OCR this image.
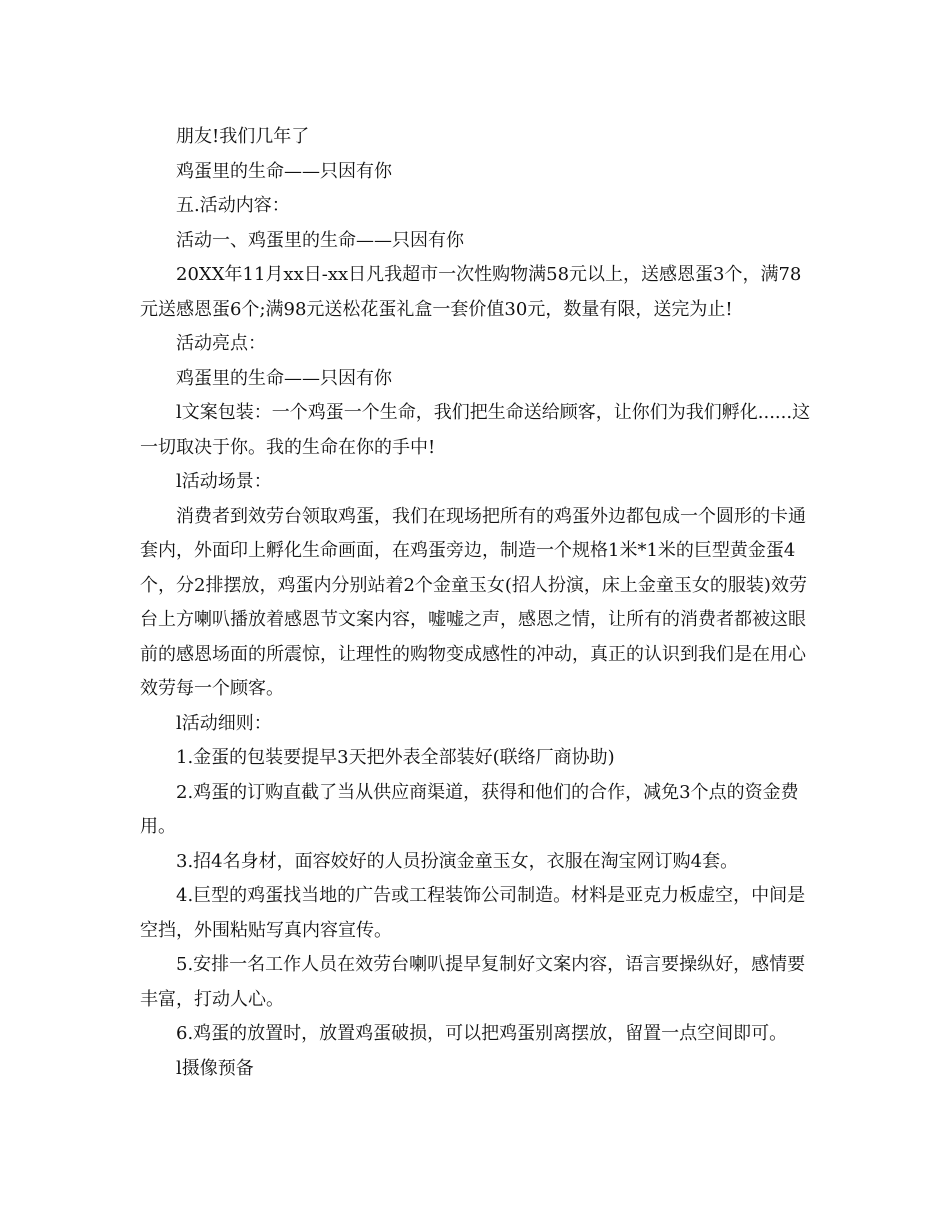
朋友!我们几年了

鸡蛋里的生命——只因有你

五.活动内容：

活动一、鸡蛋里的生命——只因有你

20XX年11月xx日-xx日凡我超市一次性购物满58元以上，送感恩蛋3个，满78元送感恩蛋6个;满98元送松花蛋礼盒一套价值30元，数量有限，送完为止!

活动亮点：

鸡蛋里的生命——只因有你

l文案包装：一个鸡蛋一个生命，我们把生命送给顾客，让你们为我们孵化......这一切取决于你。我的生命在你的手中!

l活动场景：

消费者到效劳台领取鸡蛋，我们在现场把所有的鸡蛋外边都包成一个圆形的卡通套内，外面印上孵化生命画面，在鸡蛋旁边，制造一个规格1米*1米的巨型黄金蛋4个，分2排摆放，鸡蛋内分别站着2个金童玉女(招人扮演，床上金童玉女的服装)效劳台上方喇叭播放着感恩节文案内容，嘘嘘之声，感恩之情，让所有的消费者都被这眼前的感恩场面的所震惊，让理性的购物变成感性的冲动，真正的认识到我们是在用心效劳每一个顾客。

l活动细则：

1.金蛋的包装要提早3天把外表全部装好(联络厂商协助)

2.鸡蛋的订购直截了当从供应商渠道，获得和他们的合作，减免3个点的资金费用。

3.招4名身材，面容姣好的人员扮演金童玉女，衣服在淘宝网订购4套。

4.巨型的鸡蛋找当地的广告或工程装饰公司制造。材料是亚克力板虚空，中间是空挡，外围粘贴写真内容宣传。

5.安排一名工作人员在效劳台喇叭提早复制好文案内容，语言要操纵好，感情要丰富，打动人心。

6.鸡蛋的放置时，放置鸡蛋破损，可以把鸡蛋别离摆放，留置一点空间即可。

l摄像预备
